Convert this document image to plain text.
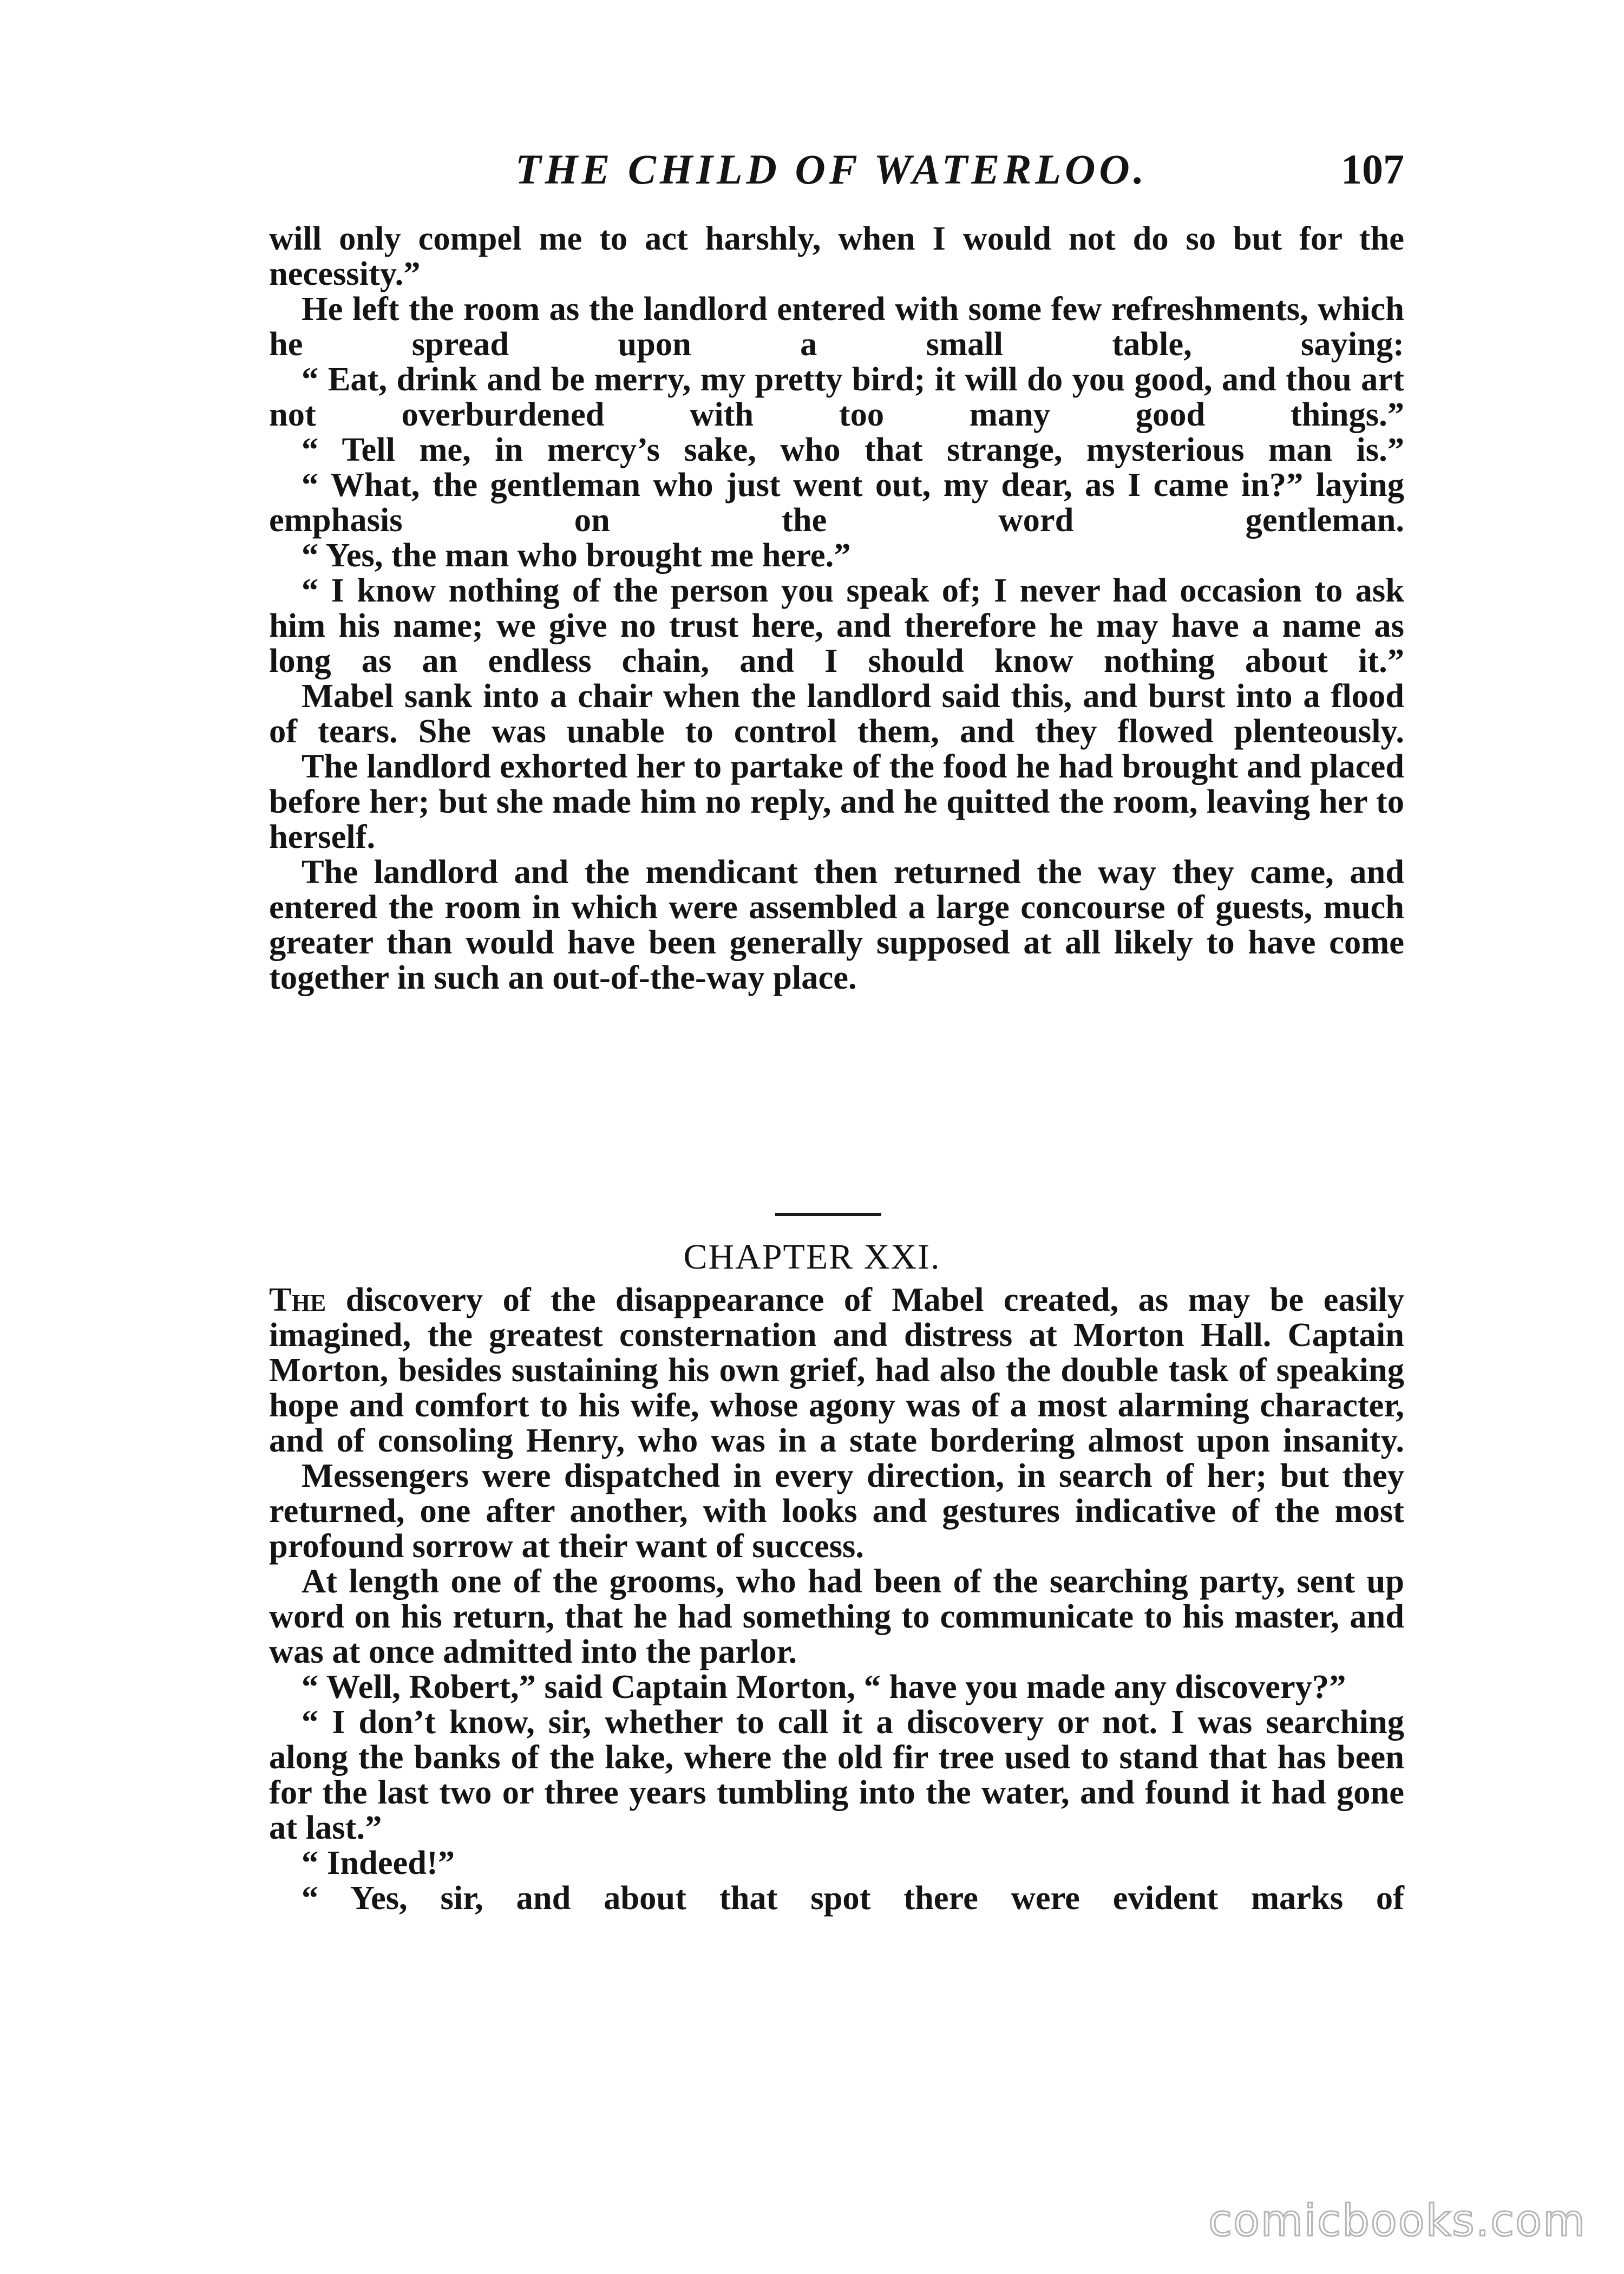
THE CHILD OF WATERLOO.	107

will only compel me to act harshly, when I would not do so but for the necessity.”

He left the room as the landlord entered with some few refreshments, which he spread upon a small table, saying:

“ Eat, drink and be merry, my pretty bird; it will do you good, and thou art not overburdened with too many good things.”

“ Tell me, in mercy’s sake, who that strange, mysterious man is.”

“ What, the gentleman who just went out, my dear, as I came in?” laying emphasis on the word gentleman.

“ Yes, the man who brought me here.”

“ I know nothing of the person you speak of; I never had occasion to ask him his name; we give no trust here, and therefore he may have a name as long as an endless chain, and I should know nothing about it.”

Mabel sank into a chair when the landlord said this, and burst into a flood of tears. She was unable to control them, and they flowed plenteously.

The landlord exhorted her to partake of the food he had brought and placed before her; but she made him no reply, and he quitted the room, leaving her to herself.

The landlord and the mendicant then returned the way they came, and entered the room in which were assembled a large concourse of guests, much greater than would have been generally supposed at all likely to have come together in such an out-of-the-way place.

CHAPTER XXI.

The discovery of the disappearance of Mabel created, as may be easily imagined, the greatest consternation and distress at Morton Hall. Captain Morton, besides sustaining his own grief, had also the double task of speaking hope and comfort to his wife, whose agony was of a most alarming character, and of consoling Henry, who was in a state bordering almost upon insanity.

Messengers were dispatched in every direction, in search of her; but they returned, one after another, with looks and gestures indicative of the most profound sorrow at their want of success.

At length one of the grooms, who had been of the searching party, sent up word on his return, that he had something to communicate to his master, and was at once admitted into the parlor.

“ Well, Robert,” said Captain Morton, “ have you made any discovery?”

“ I don’t know, sir, whether to call it a discovery or not. I was searching along the banks of the lake, where the old fir tree used to stand that has been for the last two or three years tumbling into the water, and found it had gone at last.”

“ Indeed!”

“ Yes, sir, and about that spot there were evident marks of

comicbooks.com
